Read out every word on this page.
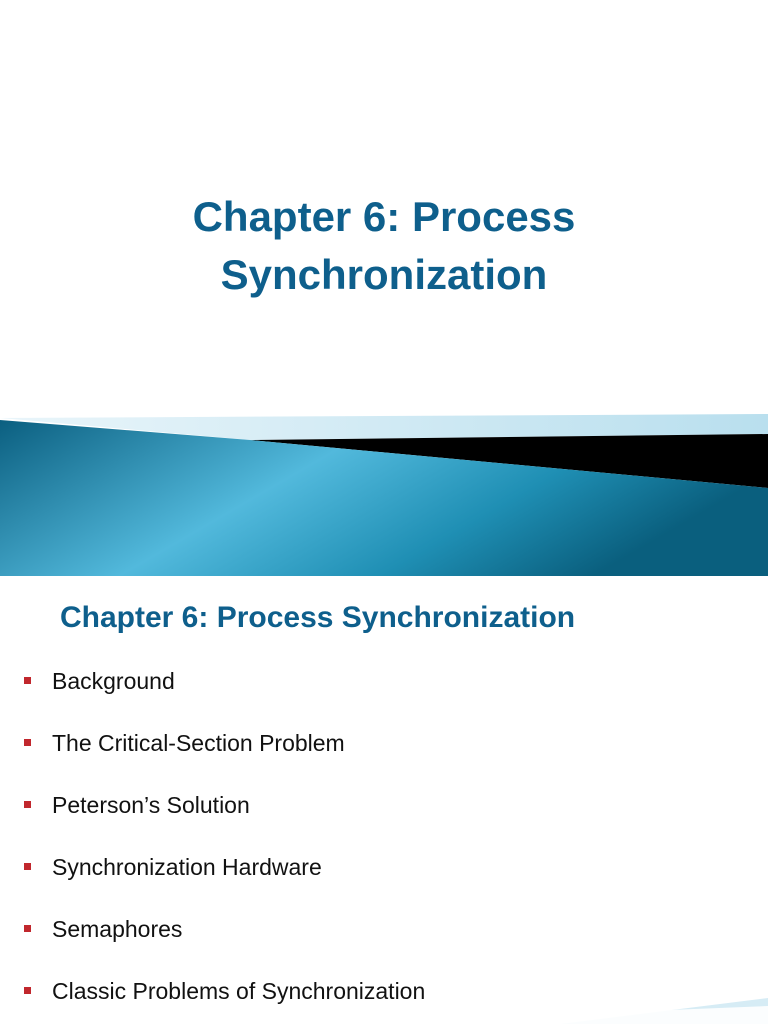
Chapter 6: Process
Synchronization
Chapter 6: Process Synchronization
Background
The Critical-Section Problem
Peterson’s Solution
Synchronization Hardware
Semaphores
Classic Problems of Synchronization
